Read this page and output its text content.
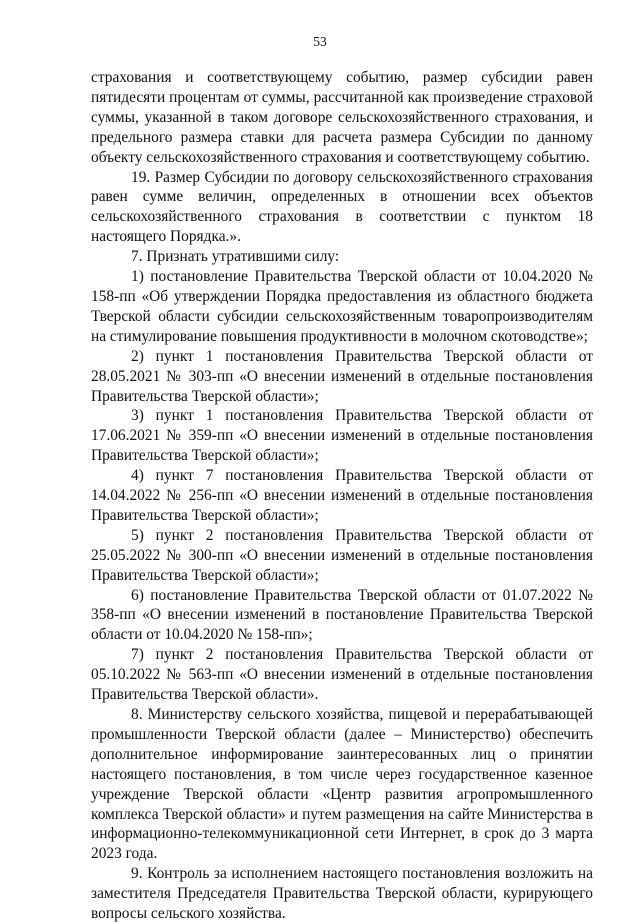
53

страхования и соответствующему событию, размер субсидии равен пятидесяти процентам от суммы, рассчитанной как произведение страховой суммы, указанной в таком договоре сельскохозяйственного страхования, и предельного размера ставки для расчета размера Субсидии по данному объекту сельскохозяйственного страхования и соответствующему событию.

19. Размер Субсидии по договору сельскохозяйственного страхования равен сумме величин, определенных в отношении всех объектов сельскохозяйственного страхования в соответствии с пунктом 18 настоящего Порядка.».

7. Признать утратившими силу:

1) постановление Правительства Тверской области от 10.04.2020 № 158-пп «Об утверждении Порядка предоставления из областного бюджета Тверской области субсидии сельскохозяйственным товаропроизводителям на стимулирование повышения продуктивности в молочном скотоводстве»;

2) пункт 1 постановления Правительства Тверской области от 28.05.2021 № 303-пп «О внесении изменений в отдельные постановления Правительства Тверской области»;

3) пункт 1 постановления Правительства Тверской области от 17.06.2021 № 359-пп «О внесении изменений в отдельные постановления Правительства Тверской области»;

4) пункт 7 постановления Правительства Тверской области от 14.04.2022 № 256-пп «О внесении изменений в отдельные постановления Правительства Тверской области»;

5) пункт 2 постановления Правительства Тверской области от 25.05.2022 № 300-пп «О внесении изменений в отдельные постановления Правительства Тверской области»;

6) постановление Правительства Тверской области от 01.07.2022 № 358-пп «О внесении изменений в постановление Правительства Тверской области от 10.04.2020 № 158-пп»;

7) пункт 2 постановления Правительства Тверской области от 05.10.2022 № 563-пп «О внесении изменений в отдельные постановления Правительства Тверской области».

8. Министерству сельского хозяйства, пищевой и перерабатывающей промышленности Тверской области (далее – Министерство) обеспечить дополнительное информирование заинтересованных лиц о принятии настоящего постановления, в том числе через государственное казенное учреждение Тверской области «Центр развития агропромышленного комплекса Тверской области» и путем размещения на сайте Министерства в информационно-телекоммуникационной сети Интернет, в срок до 3 марта 2023 года.

9. Контроль за исполнением настоящего постановления возложить на заместителя Председателя Правительства Тверской области, курирующего вопросы сельского хозяйства.
